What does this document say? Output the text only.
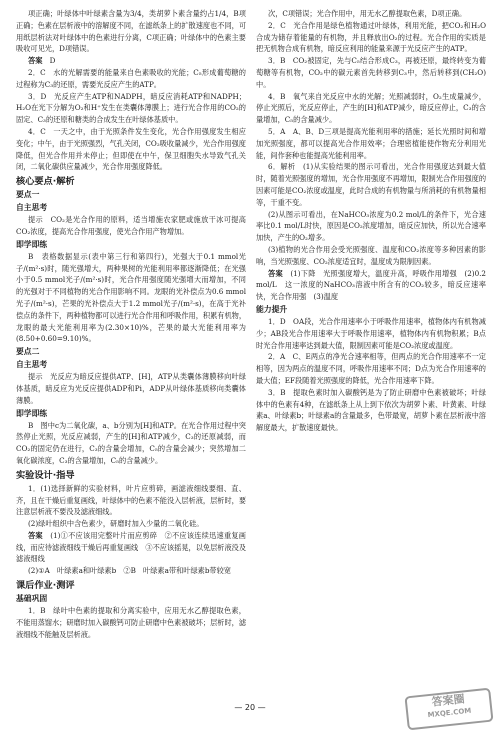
项正确；叶绿体中叶绿素含量为3/4，类胡萝卜素含量约占1/4，B项正确；色素在层析液中的溶解度不同，在滤纸条上的扩散速度也不同，可用纸层析法对叶绿体中的色素进行分离，C项正确；叶绿体中的色素主要吸收可见光，D项错误。

答案　D

2．C　水的光解需要的能量来自色素吸收的光能；C₅形成葡萄糖的过程称为C₃的还原，需要光反应产生的ATP。

3．D　光反应产生ATP和NADPH，暗反应消耗ATP和NADPH；H₂O在光下分解为O₂和H⁺发生在类囊体薄膜上；进行光合作用的CO₂的固定、C₃的还原和糖类的合成发生在叶绿体基质中。

4．C　一天之中，由于光照条件发生变化，光合作用强度发生相应变化；中午，由于光照强烈，气孔关闭，CO₂吸收量减少，光合作用强度降低，但光合作用并未停止；但即使在中午，保卫细胞失水导致气孔关闭，二氧化碳供应量减少，光合作用强度降低。

核心要点·解析
要点一
自主思考

提示　CO₂是光合作用的原料，适当增施农家肥或施放干冰可提高CO₂浓度，提高光合作用强度，使光合作用产物增加。

即学即练

B　表格数据显示(表中第三行和第四行)，光强大于0.1 mmol光子/(m²·s)时，随光强增大，两种果树的光能利用率都逐渐降低；在光强小于0.5 mmol光子/(m²·s)时，光合作用强度随光强增大而增加，不同的光强对于不同植物的光合作用影响不同。龙眼的光补偿点为0.6 mmol光子/(m²·s)，芒果的光补偿点大于1.2 mmol光子/(m²·s)，在高于光补偿点的条件下，两种植物都可以进行光合作用和呼吸作用，积累有机物，龙眼的最大光能利用率为(2.30×10)%，芒果的最大光能利用率为(8.50+0.60=9.10)%。

要点二
自主思考

提示　光反应为暗反应提供ATP、[H]，ATP从类囊体薄膜移向叶绿体基质，暗反应为光反应提供ADP和Pi，ADP从叶绿体基质移向类囊体薄膜。

即学即练

B　图中c为二氧化碳，a、b分别为[H]和ATP。在光合作用过程中突然停止光照，光反应减弱，产生的[H]和ATP减少，C₃的还原减弱，而CO₂的固定仍在进行，C₃的含量会增加，C₅的含量会减少；突然增加二氧化碳浓度，C₃的含量增加，C₅的含量减少。

实验设计·指导

1．(1)选择新鲜的实验材料，叶片应剪碎，画滤液细线要细、直、齐，且在干燥后重复画线，叶绿体中的色素不能没入层析液，层析时，要注意层析液不要没及滤液细线。

(2)绿叶组织中含色素少，研磨时加入少量的二氧化硅。

答案　(1)①不应该用完整叶片而应剪碎　②不应该连续迅速重复画线，而应待滤液细线干燥后再重复画线　③不应该摇晃，以免层析液没及滤液细线

(2)①A　叶绿素a和叶绿素b　②B　叶绿素a带和叶绿素b带较宽

课后作业·测评
基础巩固

1．B　绿叶中色素的提取和分离实验中，应用无水乙醇提取色素，不能用蒸馏水；研磨时加入碳酸钙可防止研磨中色素被破坏；层析时，滤液细线不能触及层析液。

次，C项错误；光合作用中，用无水乙醇提取色素，D项正确。

2．C　光合作用是绿色植物通过叶绿体，利用光能，把CO₂和H₂O合成为储存着能量的有机物，并且释放出O₂的过程。光合作用的实质是把无机物合成有机物，暗反应利用的能量来源于光反应产生的ATP。

3．B　CO₂被固定，先与C₅结合形成C₃，再被还原，最终转变为葡萄糖等有机物，CO₂中的碳元素首先转移到C₃中，然后转移到(CH₂O)中。

4．B　氧气来自光反应中水的光解；光照减弱时，O₂生成量减少，停止光照后，光反应停止，产生的[H]和ATP减少，暗反应停止，C₃的含量增加，C₅的含量减少。

5．A　A、B、D三项是提高光能利用率的措施；延长光照时间和增加光照强度，都可以提高光合作用效率；合理密植能使作物充分利用光能，间作套种也能提高光能利用率。

6．解析　(1)从实验结果的图示可看出，光合作用强度达到最大值时，随着光照强度的增加，光合作用强度不再增加，限制光合作用强度的因素可能是CO₂浓度或温度，此时合成的有机物量与所消耗的有机物量相等，干重不变。

(2)从图示可看出，在NaHCO₃浓度为0.2 mol/L的条件下，光合速率比0.1 mol/L时快，原因是CO₂浓度增加，暗反应加快，所以光合速率加快，产生的O₂增多。

(3)植物的光合作用会受光照强度、温度和CO₂浓度等多种因素的影响，当光照强度、CO₂浓度适宜时，温度成为限制因素。

答案　(1)下降　光照强度增大，温度升高，呼吸作用增强　(2)0.2 mol/L　这一浓度的NaHCO₃溶液中所含有的CO₂较多，暗反应速率快，光合作用强　(3)温度

能力提升

1．D　OA段，光合作用速率小于呼吸作用速率，植物体内有机物减少；AB段光合作用速率大于呼吸作用速率，植物体内有机物积累；B点时光合作用速率达到最大值，限制因素可能是CO₂浓度或温度。

2．A　C、E两点的净光合速率相等，但两点的光合作用速率不一定相等，因为两点的温度不同，呼吸作用速率不同；D点为光合作用速率的最大值；EF段随着光照强度的降低，光合作用速率下降。

3．B　提取色素时加入碳酸钙是为了防止研磨中色素被破坏；叶绿体中的色素有4种，在滤纸条上从上到下依次为胡萝卜素、叶黄素、叶绿素a、叶绿素b；叶绿素a的含量最多，色带最宽，胡萝卜素在层析液中溶解度最大，扩散速度最快。

— 20 —	答案圈
MXQE.COM
